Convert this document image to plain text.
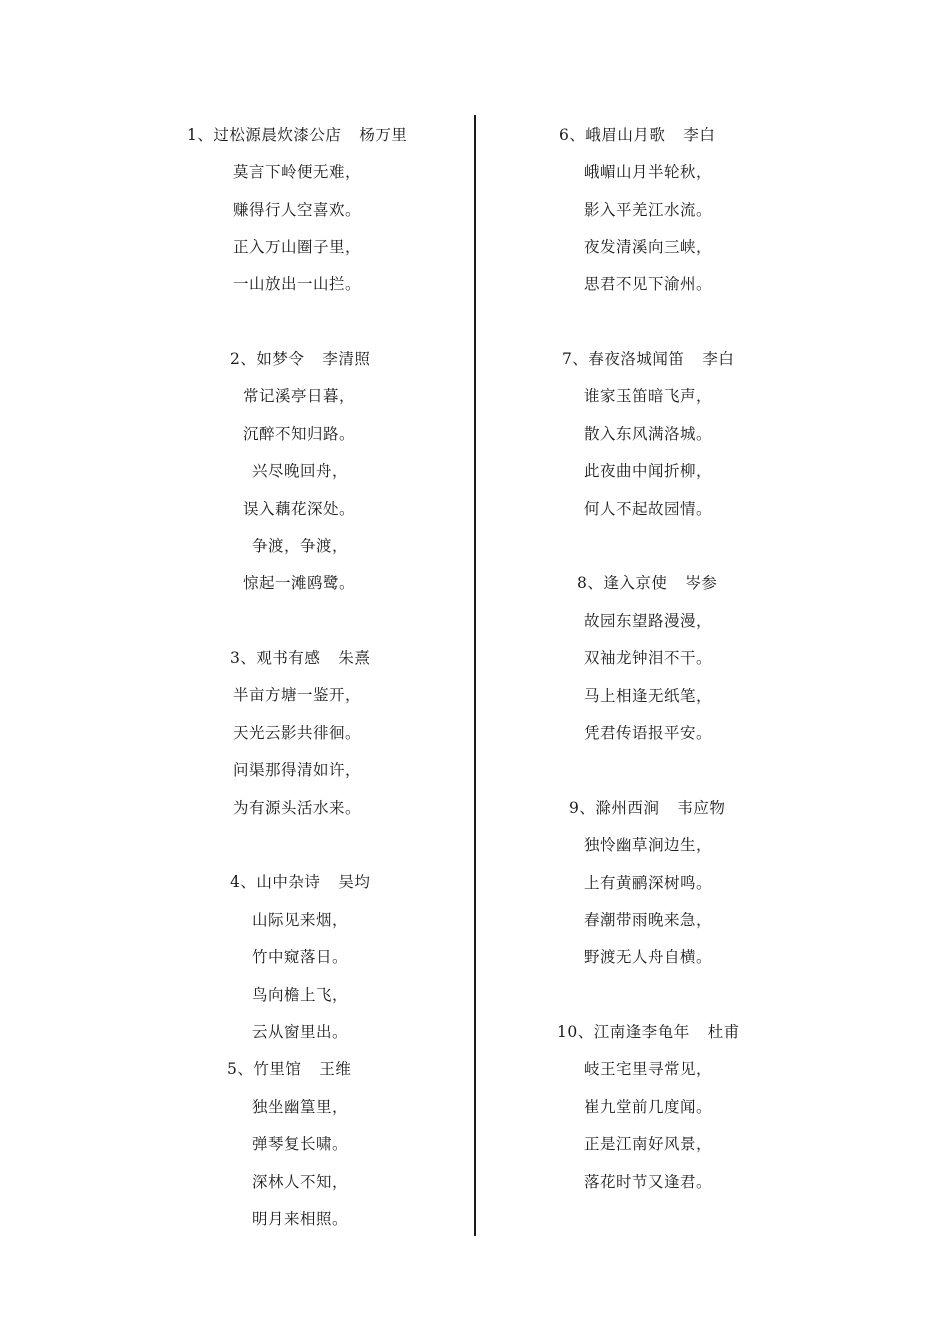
1、过松源晨炊漆公店 杨万里
莫言下岭便无难，
赚得行人空喜欢。
正入万山圈子里，
一山放出一山拦。
2、如梦令 李清照
常记溪亭日暮，
沉醉不知归路。
兴尽晚回舟，
误入藕花深处。
争渡，争渡，
惊起一滩鸥鹭。
3、观书有感 朱熹
半亩方塘一鉴开，
天光云影共徘徊。
问渠那得清如许，
为有源头活水来。
4、山中杂诗 吴均
山际见来烟，
竹中窥落日。
鸟向檐上飞，
云从窗里出。
5、竹里馆 王维
独坐幽篁里，
弹琴复长啸。
深林人不知，
明月来相照。
6、峨眉山月歌 李白
峨嵋山月半轮秋，
影入平羌江水流。
夜发清溪向三峡，
思君不见下渝州。
7、春夜洛城闻笛 李白
谁家玉笛暗飞声，
散入东风满洛城。
此夜曲中闻折柳，
何人不起故园情。
8、逢入京使 岑参
故园东望路漫漫，
双袖龙钟泪不干。
马上相逢无纸笔，
凭君传语报平安。
9、滁州西涧 韦应物
独怜幽草涧边生，
上有黄鹂深树鸣。
春潮带雨晚来急，
野渡无人舟自横。
10、江南逢李龟年 杜甫
岐王宅里寻常见，
崔九堂前几度闻。
正是江南好风景，
落花时节又逢君。
